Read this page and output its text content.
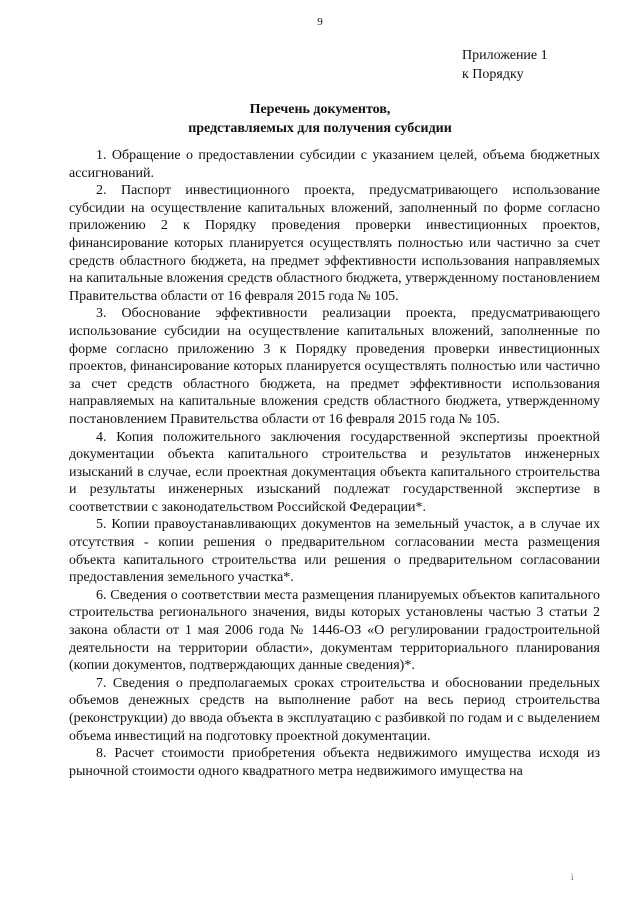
9
Приложение 1
к Порядку
Перечень документов,
представляемых для получения субсидии

1. Обращение о предоставлении субсидии с указанием целей, объема бюджетных ассигнований.

2. Паспорт инвестиционного проекта, предусматривающего использование субсидии на осуществление капитальных вложений, заполненный по форме согласно приложению 2 к Порядку проведения проверки инвестиционных проектов, финансирование которых планируется осуществлять полностью или частично за счет средств областного бюджета, на предмет эффективности использования направляемых на капитальные вложения средств областного бюджета, утвержденному постановлением Правительства области от 16 февраля 2015 года № 105.

3. Обоснование эффективности реализации проекта, предусматривающего использование субсидии на осуществление капитальных вложений, заполненные по форме согласно приложению 3 к Порядку проведения проверки инвестиционных проектов, финансирование которых планируется осуществлять полностью или частично за счет средств областного бюджета, на предмет эффективности использования направляемых на капитальные вложения средств областного бюджета, утвержденному постановлением Правительства области от 16 февраля 2015 года № 105.

4. Копия положительного заключения государственной экспертизы проектной документации объекта капитального строительства и результатов инженерных изысканий в случае, если проектная документация объекта капитального строительства и результаты инженерных изысканий подлежат государственной экспертизе в соответствии с законодательством Российской Федерации*.

5. Копии правоустанавливающих документов на земельный участок, а в случае их отсутствия - копии решения о предварительном согласовании места размещения объекта капитального строительства или решения о предварительном согласовании предоставления земельного участка*.

6. Сведения о соответствии места размещения планируемых объектов капитального строительства регионального значения, виды которых установлены частью 3 статьи 2 закона области от 1 мая 2006 года № 1446-ОЗ «О регулировании градостроительной деятельности на территории области», документам территориального планирования (копии документов, подтверждающих данные сведения)*.

7. Сведения о предполагаемых сроках строительства и обосновании предельных объемов денежных средств на выполнение работ на весь период строительства (реконструкции) до ввода объекта в эксплуатацию с разбивкой по годам и с выделением объема инвестиций на подготовку проектной документации.

8. Расчет стоимости приобретения объекта недвижимого имущества исходя из рыночной стоимости одного квадратного метра недвижимого имущества на

i
